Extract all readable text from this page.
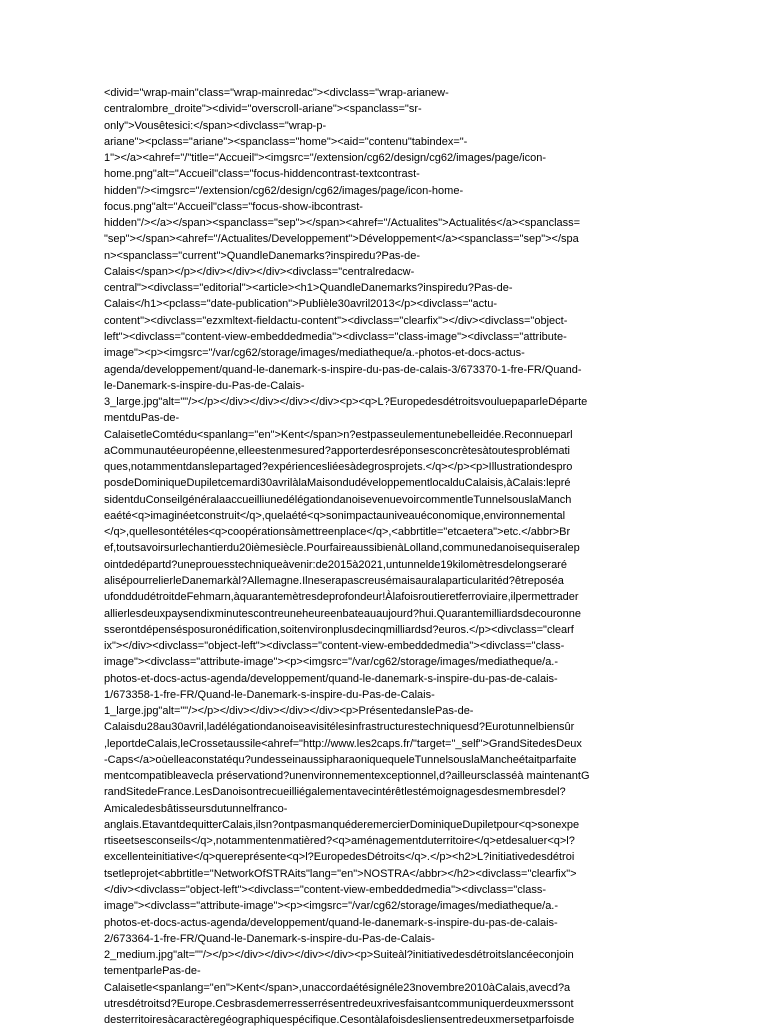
<divid="wrap-main"class="wrap-mainredac"><divclass="wrap-arianew-
centralombre_droite"><divid="overscroll-ariane"><spanclass="sr-
only">Vousêtesici:</span><divclass="wrap-p-
ariane"><pclass="ariane"><spanclass="home"><aid="contenu"tabindex="-
1"></a><ahref="/"title="Accueil"><imgsrc="/extension/cg62/design/cg62/images/page/icon-
home.png"alt="Accueil"class="focus-hiddencontrast-textcontrast-
hidden"/><imgsrc="/extension/cg62/design/cg62/images/page/icon-home-
focus.png"alt="Accueil"class="focus-show-ibcontrast-
hidden"/></a></span><spanclass="sep"></span><ahref="/Actualites">Actualités</a><spanclass=
"sep"></span><ahref="/Actualites/Developpement">Développement</a><spanclass="sep"></spa
n><spanclass="current">QuandleDanemarks?inspiredu?Pas-de-
Calais</span></p></div></div></div><divclass="centralredacw-
central"><divclass="editorial"><article><h1>QuandleDanemarks?inspiredu?Pas-de-
Calais</h1><pclass="date-publication">Publièle30avril2013</p><divclass="actu-
content"><divclass="ezxmltext-fieldactu-content"><divclass="clearfix"></div><divclass="object-
left"><divclass="content-view-embeddedmedia"><divclass="class-image"><divclass="attribute-
image"><p><imgsrc="/var/cg62/storage/images/mediatheque/a.-photos-et-docs-actus-
agenda/developpement/quand-le-danemark-s-inspire-du-pas-de-calais-3/673370-1-fre-FR/Quand-
le-Danemark-s-inspire-du-Pas-de-Calais-
3_large.jpg"alt=""/></p></div></div></div></div><p><q>L?EuropedesdétroitsvouluepaparleDéparte
mentduPas-de-
CalaisetleComtédu<spanlang="en">Kent</span>n?estpasseulementunebelleidée.Reconnueparl
aCommunautéeuropéenne,elleestenmesured?apporterdesréponsesconcrètesàtoutesproblémati
ques,notammentdanslepartaged?expériencesliéesàdegrosprojets.</q></p><p>Illustrationdespro
posdeDominiqueDupiletcemardi30avrilàlaMaisondudéveloppementlocalduCalaisis,àCalais:lepré
sidentduConseilgénéralaaccueilliunedélégationdanoisevenuevoircommentleTunnelsouslaManch
eaété<q>imaginéetconstruit</q>,quelaété<q>sonimpactauniveauéconomique,environnemental
</q>,quellesontétéles<q>coopérationsàmettreenplace</q>,<abbrtitle="etcaetera">etc.</abbr>Br
ef,toutsavoirsurlechantierdu20ièmesiècle.PourfaireaussibienàLolland,communedanoisequiseralep
ointdedépartd?uneprouesstechniqueàvenir:de2015à2021,untunnelde19kilomètresdelongseraré
alisépourrelierleDanemarkàl?Allemagne.Ilneserapascreusémaisauralaparticularitéd?êtreposéa
ufonddudétroitdeFehmarn,àquarantemètresdeprofondeur!Àlafoisroutieretferroviaire,ilpermettrader
allierlesdeuxpaysendixminutescontreuneheureenbateauaujourd?hui.Quarantemilliardsdecouronne
sserontdépensésposuronédification,soitenvironplusdecinqmilliardsd?euros.</p><divclass="clearf
ix"></div><divclass="object-left"><divclass="content-view-embeddedmedia"><divclass="class-
image"><divclass="attribute-image"><p><imgsrc="/var/cg62/storage/images/mediatheque/a.-
photos-et-docs-actus-agenda/developpement/quand-le-danemark-s-inspire-du-pas-de-calais-
1/673358-1-fre-FR/Quand-le-Danemark-s-inspire-du-Pas-de-Calais-
1_large.jpg"alt=""/></p></div></div></div></div><p>PrésentedanslePas-de-
Calaisdu28au30avril,ladélégationdanoiseavisitélesinfrastructurestechniquesd?Eurotunnelbiensûr
,leportdeCalais,leCrossetaussile<ahref="http://www.les2caps.fr/"target="_self">GrandSitedesDeux
-Caps</a>oùelleaconstatéqu?undesseinaussipharaoniquequeleTunnelsouslaMancheétaitparfaite
mentcompatibleavecla préservationd?unenvironnementexceptionnel,d?ailleursclasséà maintenantG
randSitedeFrance.LesDanoisontrecueilliégalementavecintérêtlestémoignagesdesmembresdel?
Amicaledesbâtisseursdutunnelfranco-
anglais.EtavantdequitterCalais,ilsn?ontpasmanquéderemercierDominiqueDupiletpour<q>sonexpe
rtiseetsesconseils</q>,notammentenmatièred?<q>aménagementduterritoire</q>etdesaluer<q>l?
excellenteinitiative</q>quereprésente<q>l?EuropedesDétroits</q>.</p><h2>L?initiativedesdétroi
tsetleprojet<abbrtitle="NetworkOfSTRAits"lang="en">NOSTRA</abbr></h2><divclass="clearfix">
</div><divclass="object-left"><divclass="content-view-embeddedmedia"><divclass="class-
image"><divclass="attribute-image"><p><imgsrc="/var/cg62/storage/images/mediatheque/a.-
photos-et-docs-actus-agenda/developpement/quand-le-danemark-s-inspire-du-pas-de-calais-
2/673364-1-fre-FR/Quand-le-Danemark-s-inspire-du-Pas-de-Calais-
2_medium.jpg"alt=""/></p></div></div></div></div><p>Suiteàl?initiativedesdétroitslancéeconjoin
tementparlePas-de-
Calaisetle<spanlang="en">Kent</span>,unaccordaétésignéle23novembre2010àCalais,avecd?a
utresdétroitsd?Europe.Cesbrasdemerresserrésentredeuxrivesfaisantcommuniquerdeuxmerssont
desterritoiresàcaractèregéographiquespécifique.Cesontàlafoisdesliensentredeuxmersetparfoisde
